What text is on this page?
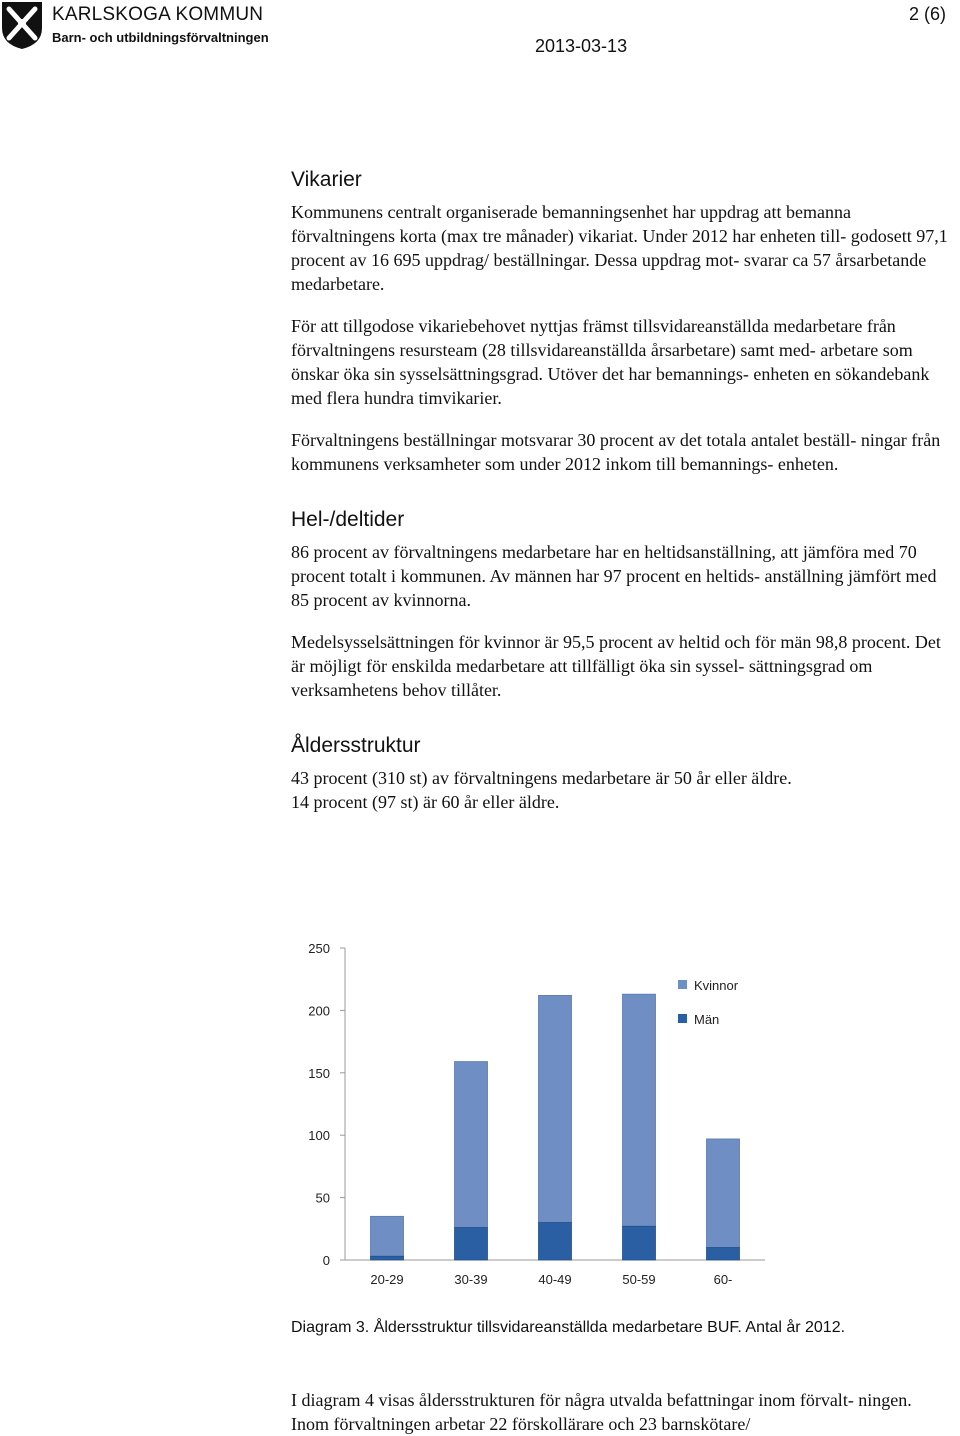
KARLSKOGA KOMMUN
Barn- och utbildningsförvaltningen
2 (6)
2013-03-13
Vikarier

Kommunens centralt organiserade bemanningsenhet har uppdrag att bemanna förvaltningens korta (max tre månader) vikariat. Under 2012 har enheten till- godosett 97,1 procent av 16 695 uppdrag/ beställningar. Dessa uppdrag mot- svarar ca 57 årsarbetande medarbetare.

För att tillgodose vikariebehovet nyttjas främst tillsvidareanställda medarbetare från förvaltningens resursteam (28 tillsvidareanställda årsarbetare) samt med- arbetare som önskar öka sin sysselsättningsgrad. Utöver det har bemannings- enheten en sökandebank med flera hundra timvikarier.

Förvaltningens beställningar motsvarar 30 procent av det totala antalet beställ- ningar från kommunens verksamheter som under 2012 inkom till bemannings- enheten.

Hel-/deltider

86 procent av förvaltningens medarbetare har en heltidsanställning, att jämföra med 70 procent totalt i kommunen. Av männen har 97 procent en heltids- anställning jämfört med 85 procent av kvinnorna.

Medelsysselsättningen för kvinnor är 95,5 procent av heltid och för män 98,8 procent. Det är möjligt för enskilda medarbetare att tillfälligt öka sin syssel- sättningsgrad om verksamhetens behov tillåter.

Åldersstruktur

43 procent (310 st) av förvaltningens medarbetare är 50 år eller äldre.

14 procent (97 st) är 60 år eller äldre.

0
50
100
150
200
250
20-29	30-39	40-49	50-59	60-
Kvinnor
Män
Diagram 3. Åldersstruktur tillsvidareanställda medarbetare BUF. Antal år 2012.

I diagram 4 visas åldersstrukturen för några utvalda befattningar inom förvalt- ningen. Inom förvaltningen arbetar 22 förskollärare och 23 barnskötare/
